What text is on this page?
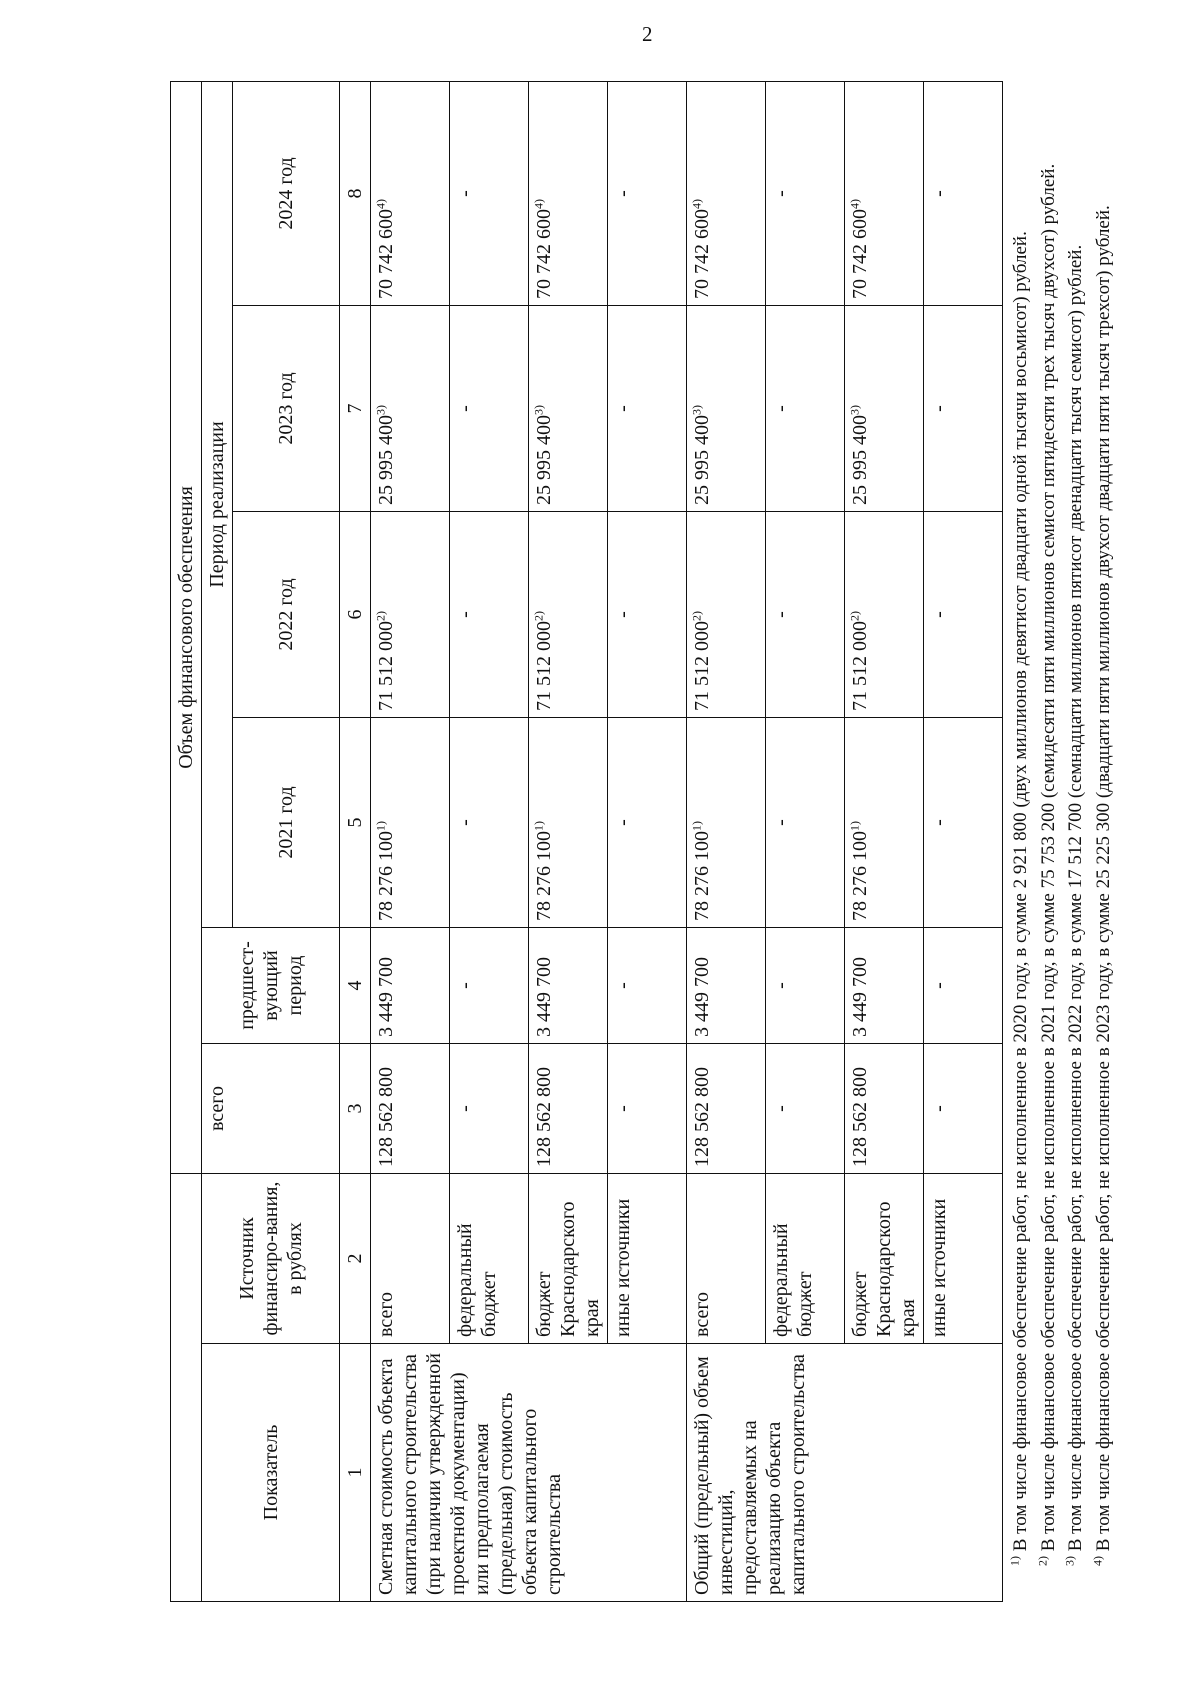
2
		Объем финансового обеспечения					
Показатель	Источник финансиро-вания, в рублях	всего	предшест-вующий период	Период реализации			
				2021 год	2022 год	2023 год	2024 год
1	2	3	4	5	6	7	8
Сметная стоимость объекта капитального строительства (при наличии утвержденной проектной документации) или предполагаемая (предельная) стоимость объекта капитального строительства	всего	128 562 800	3 449 700	78 276 100$^{1)}$	71 512 000$^{2)}$	25 995 400$^{3)}$	70 742 600$^{4)}$
	федеральный бюджет	-	-	-	-	-	-
	бюджет Краснодарского края	128 562 800	3 449 700	78 276 100$^{1)}$	71 512 000$^{2)}$	25 995 400$^{3)}$	70 742 600$^{4)}$
	иные источники	-	-	-	-	-	-
Общий (предельный) объем инвестиций, предоставляемых на реализацию объекта капитального строительства	всего	128 562 800	3 449 700	78 276 100$^{1)}$	71 512 000$^{2)}$	25 995 400$^{3)}$	70 742 600$^{4)}$
	федеральный бюджет	-	-	-	-	-	-
	бюджет Краснодарского края	128 562 800	3 449 700	78 276 100$^{1)}$	71 512 000$^{2)}$	25 995 400$^{3)}$	70 742 600$^{4)}$
	иные источники	-	-	-	-	-	-

$^{1)}$ В том числе финансовое обеспечение работ, не исполненное в 2020 году, в сумме 2 921 800 (двух миллионов девятисот двадцати одной тысячи восьмисот) рублей.

$^{2)}$ В том числе финансовое обеспечение работ, не исполненное в 2021 году, в сумме 75 753 200 (семидесяти пяти миллионов семисот пятидесяти трех тысяч двухсот) рублей.

$^{3)}$ В том числе финансовое обеспечение работ, не исполненное в 2022 году, в сумме 17 512 700 (семнадцати миллионов пятисот двенадцати тысяч семисот) рублей.

$^{4)}$ В том числе финансовое обеспечение работ, не исполненное в 2023 году, в сумме 25 225 300 (двадцати пяти миллионов двухсот двадцати пяти тысяч трехсот) рублей.
